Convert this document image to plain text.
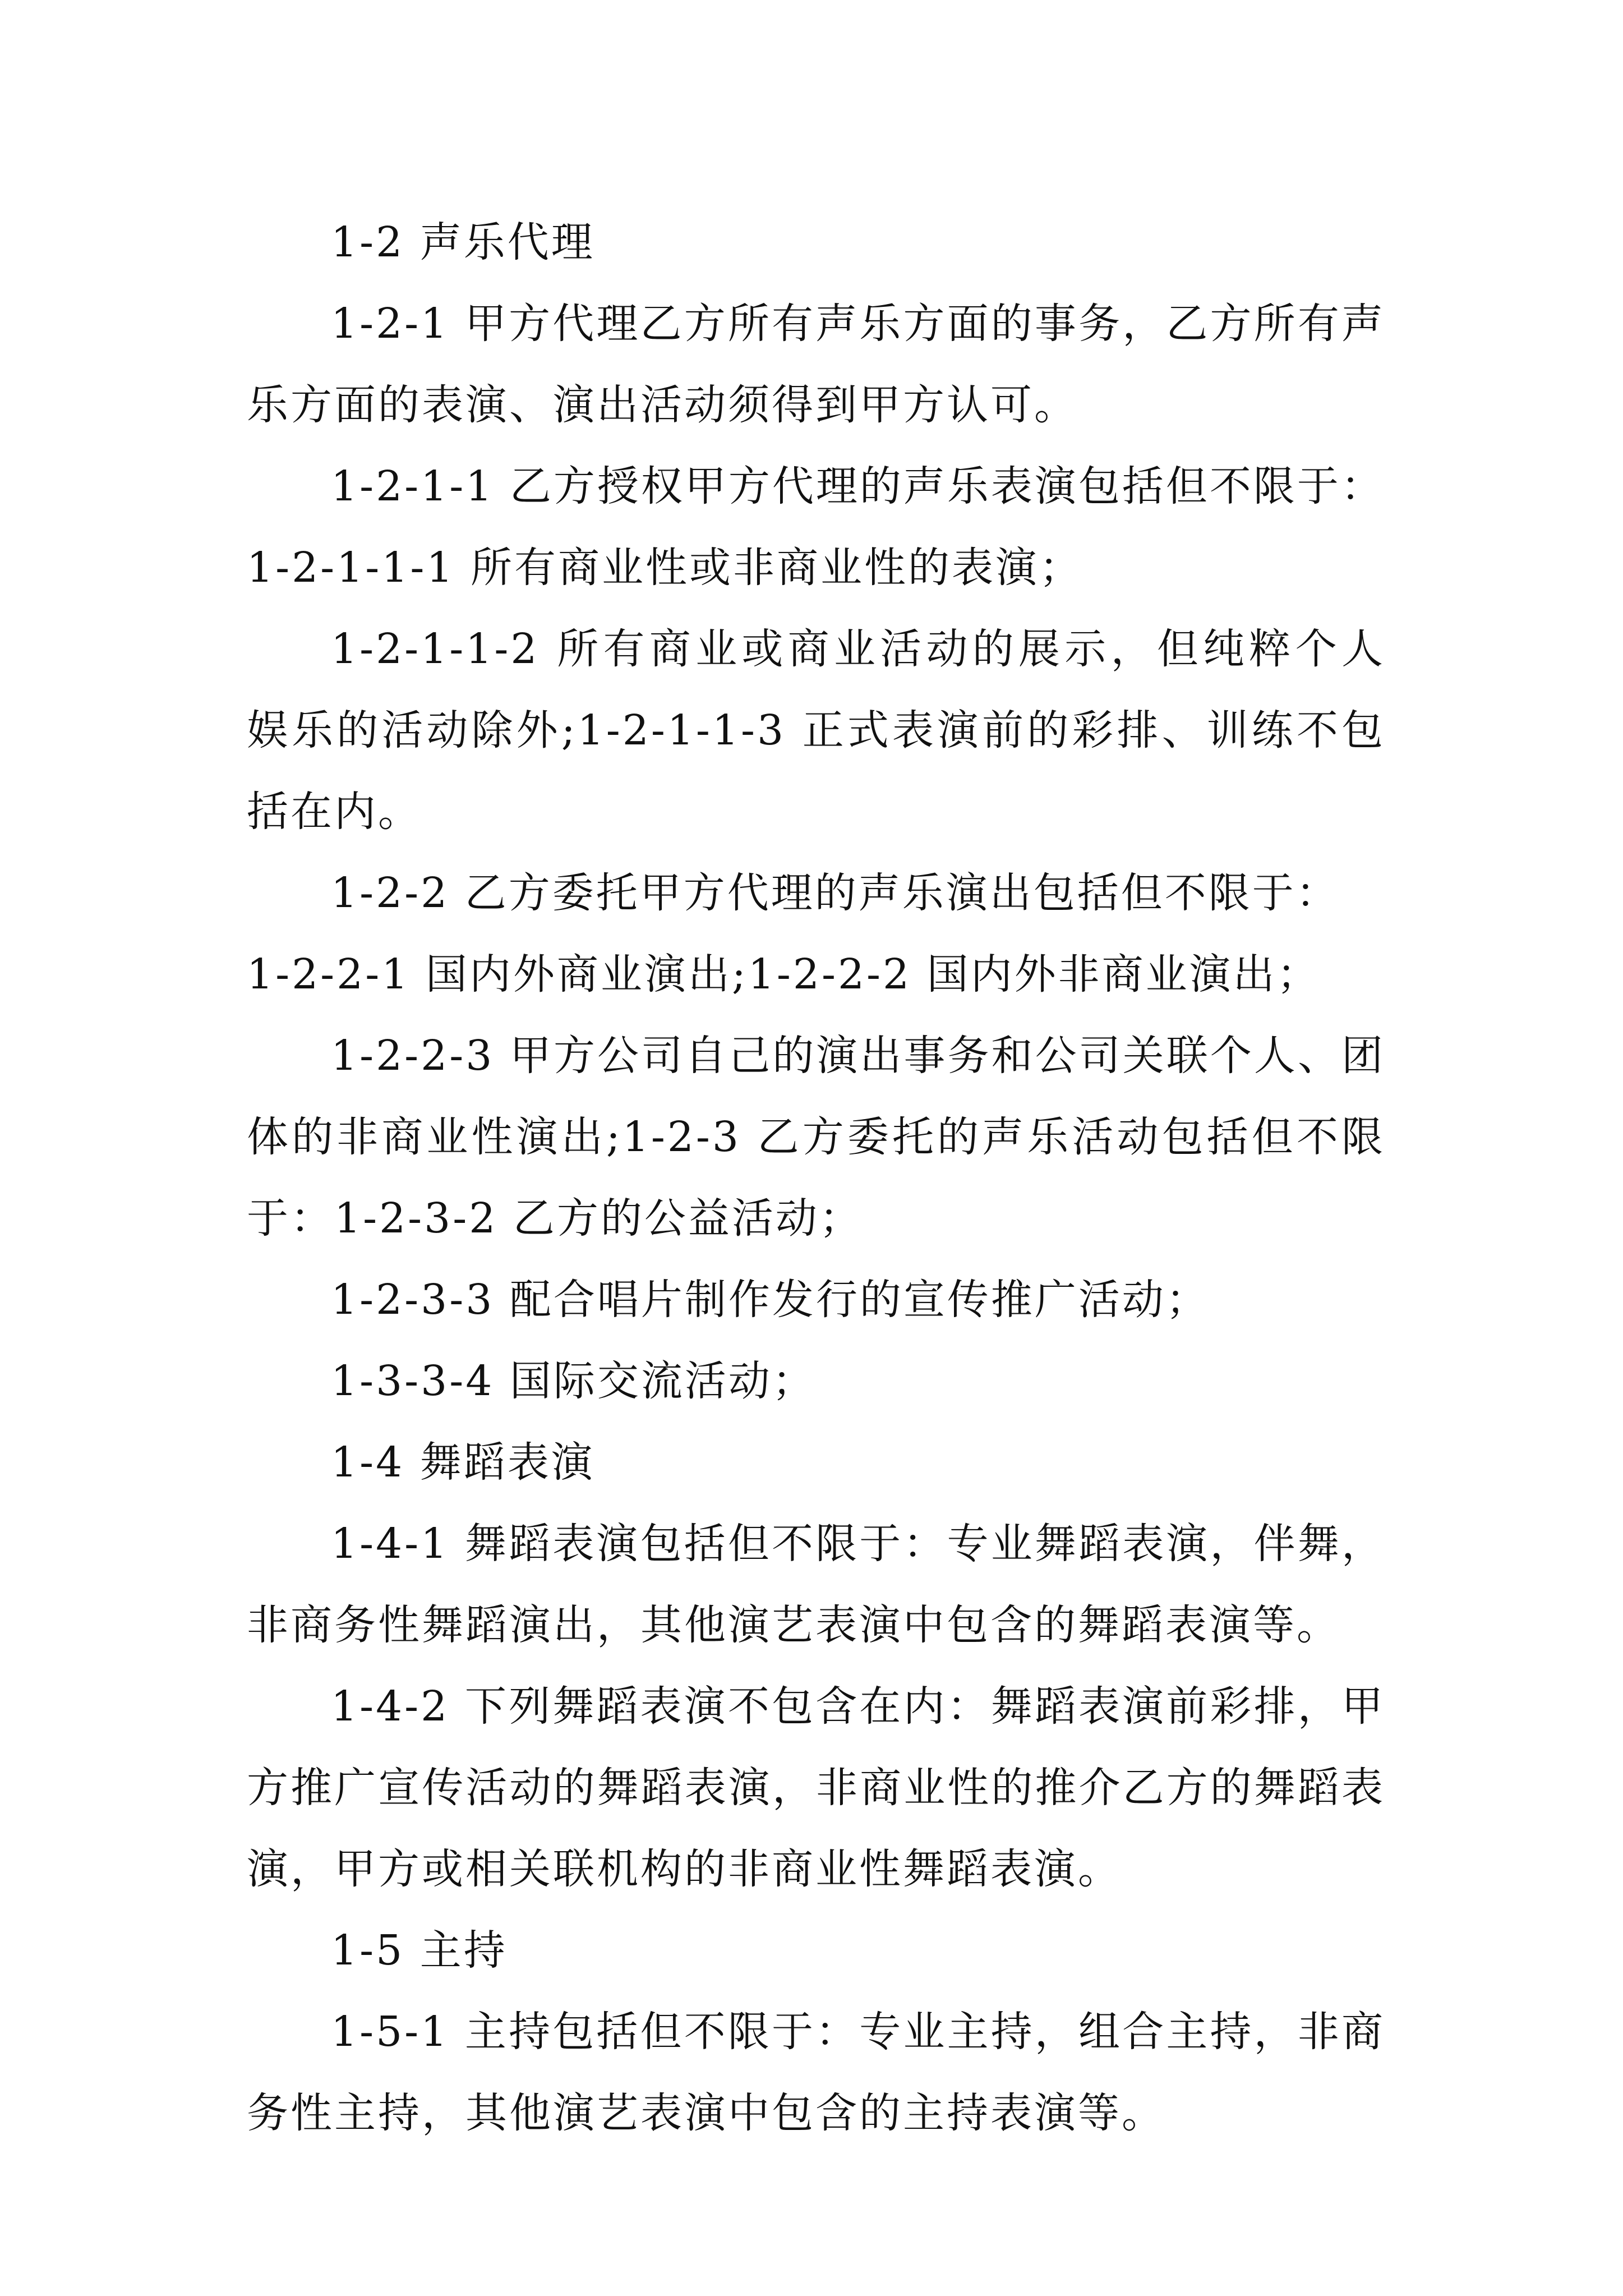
1-2 声乐代理

1-2-1 甲方代理乙方所有声乐方面的事务，乙方所有声乐方面的表演、演出活动须得到甲方认可。

1-2-1-1 乙方授权甲方代理的声乐表演包括但不限于：

1-2-1-1-1 所有商业性或非商业性的表演；

1-2-1-1-2 所有商业或商业活动的展示，但纯粹个人娱乐的活动除外;1-2-1-1-3 正式表演前的彩排、训练不包括在内。

1-2-2 乙方委托甲方代理的声乐演出包括但不限于：

1-2-2-1 国内外商业演出;1-2-2-2 国内外非商业演出；

1-2-2-3 甲方公司自己的演出事务和公司关联个人、团体的非商业性演出;1-2-3 乙方委托的声乐活动包括但不限于：1-2-3-2 乙方的公益活动；

1-2-3-3 配合唱片制作发行的宣传推广活动；

1-3-3-4 国际交流活动；

1-4 舞蹈表演

1-4-1 舞蹈表演包括但不限于：专业舞蹈表演，伴舞，非商务性舞蹈演出，其他演艺表演中包含的舞蹈表演等。

1-4-2 下列舞蹈表演不包含在内：舞蹈表演前彩排，甲方推广宣传活动的舞蹈表演，非商业性的推介乙方的舞蹈表演，甲方或相关联机构的非商业性舞蹈表演。

1-5 主持

1-5-1 主持包括但不限于：专业主持，组合主持，非商务性主持，其他演艺表演中包含的主持表演等。
